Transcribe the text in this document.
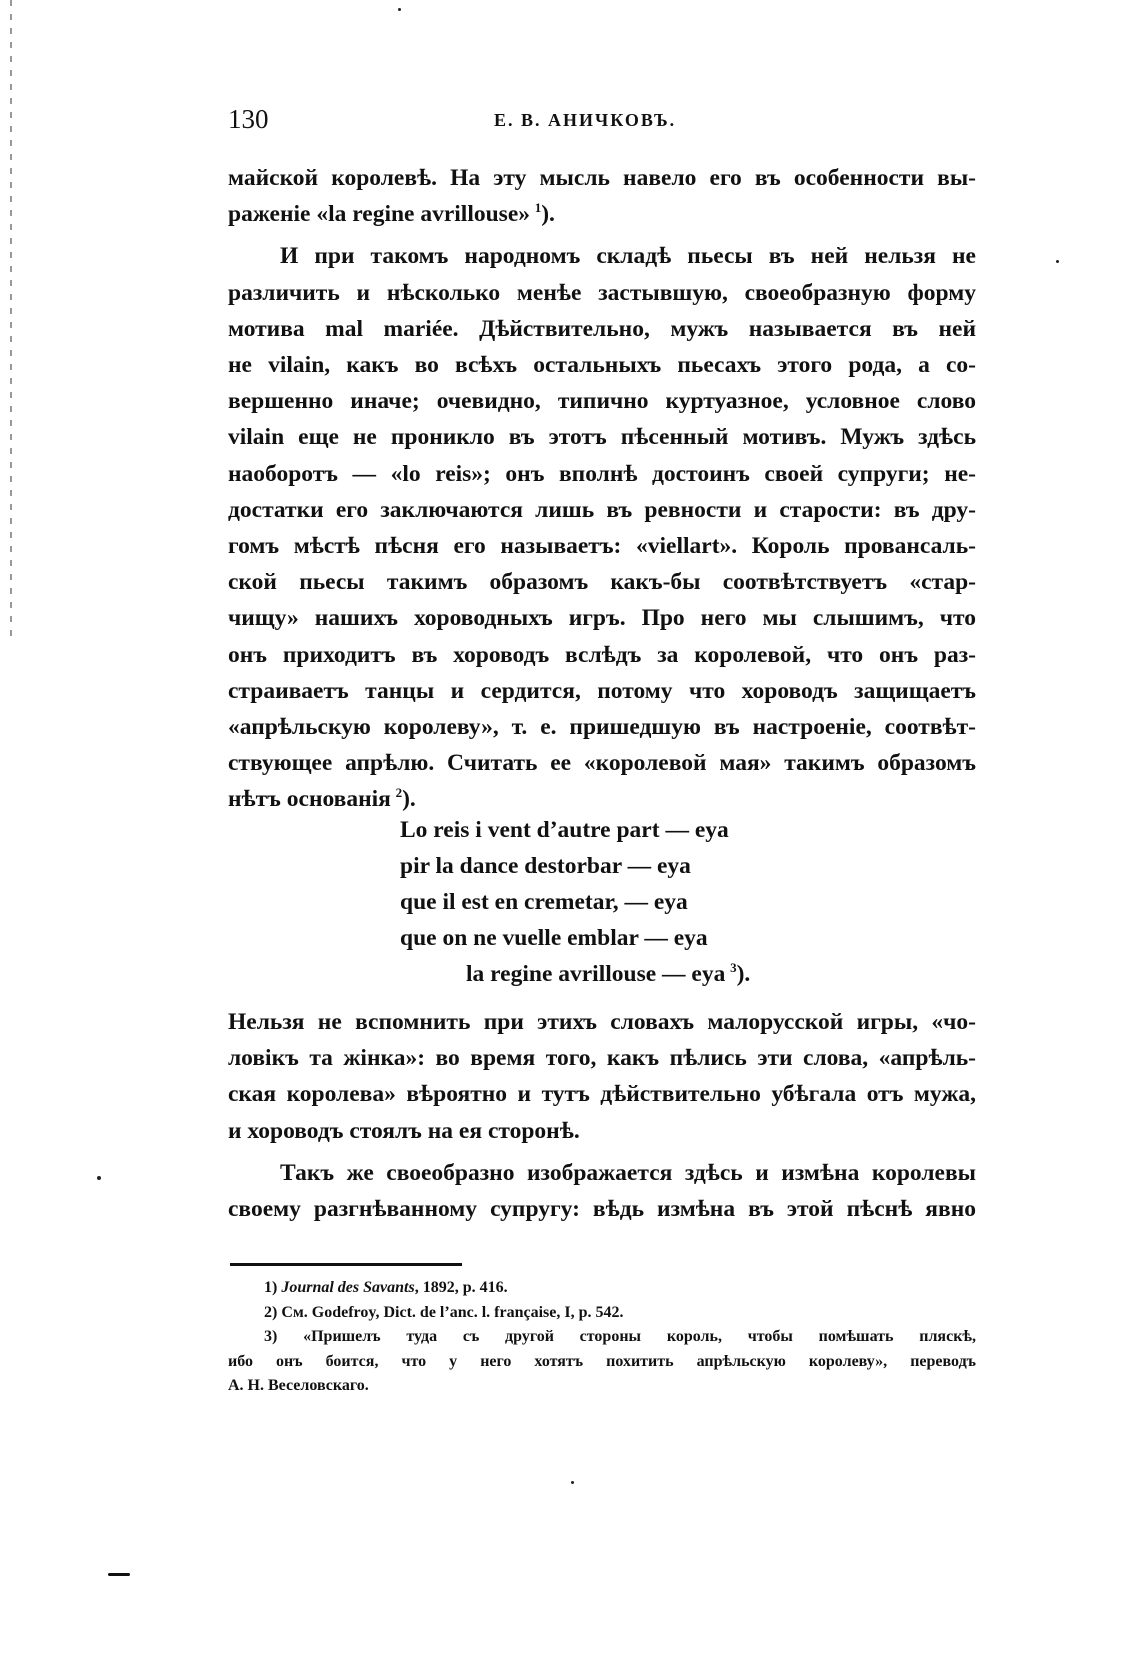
130	Е. В. АНИЧКОВЪ.

майской королевѣ. На эту мысль навело его въ особенности вы-
раженіе «la regine avrillouse»  $^1$).

И при такомъ народномъ складѣ пьесы въ ней нельзя не
различить и нѣсколько менѣе застывшую, своеобразную форму
мотива mal mariée. Дѣйствительно, мужъ называется въ ней
не vilain, какъ во всѣхъ остальныхъ пьесахъ этого рода, а со-
вершенно иначе; очевидно, типично куртуазное, условное слово
vilain еще не проникло въ этотъ пѣсенный мотивъ. Мужъ здѣсь
наоборотъ — «lo reis»; онъ вполнѣ достоинъ своей супруги; не-
достатки его заключаются лишь въ ревности и старости: въ дру-
гомъ мѣстѣ пѣсня его называетъ: «viellart». Король провансаль-
ской пьесы такимъ образомъ какъ-бы соотвѣтствуетъ «стар-
чищу» нашихъ хороводныхъ игръ. Про него мы слышимъ, что
онъ приходитъ въ хороводъ вслѣдъ за королевой, что онъ раз-
страиваетъ танцы и сердится, потому что хороводъ защищаетъ
«апрѣльскую королеву», т. е. пришедшую въ настроеніе, соотвѣт-
ствующее апрѣлю. Считать ее «королевой мая» такимъ образомъ
нѣтъ основанія  $^2$).

Lo reis i vent d’autre part — eya
pir la dance destorbar — eya
que il est en cremetar, — eya
que on ne vuelle emblar — eya
la regine avrillouse — eya  $^3$).

Нельзя не вспомнить при этихъ словахъ малорусской игры, «чо-
ловікъ та жінка»: во время того, какъ пѣлись эти слова, «апрѣль-
ская королева» вѣроятно и тутъ дѣйствительно убѣгала отъ мужа,
и хороводъ стоялъ на ея сторонѣ.

Такъ же своеобразно изображается здѣсь и измѣна королевы
своему разгнѣванному супругу: вѣдь измѣна въ этой пѣснѣ явно

1) Journal des Savants, 1892, p. 416.
2) См. Godefroy, Dict. de l’anc. l. française, I, p. 542.
3) «Пришелъ туда съ другой стороны король, чтобы помѣшать пляскѣ,
ибо онъ боится, что у него хотятъ похитить апрѣльскую королеву», переводъ
А. Н. Веселовскаго.
